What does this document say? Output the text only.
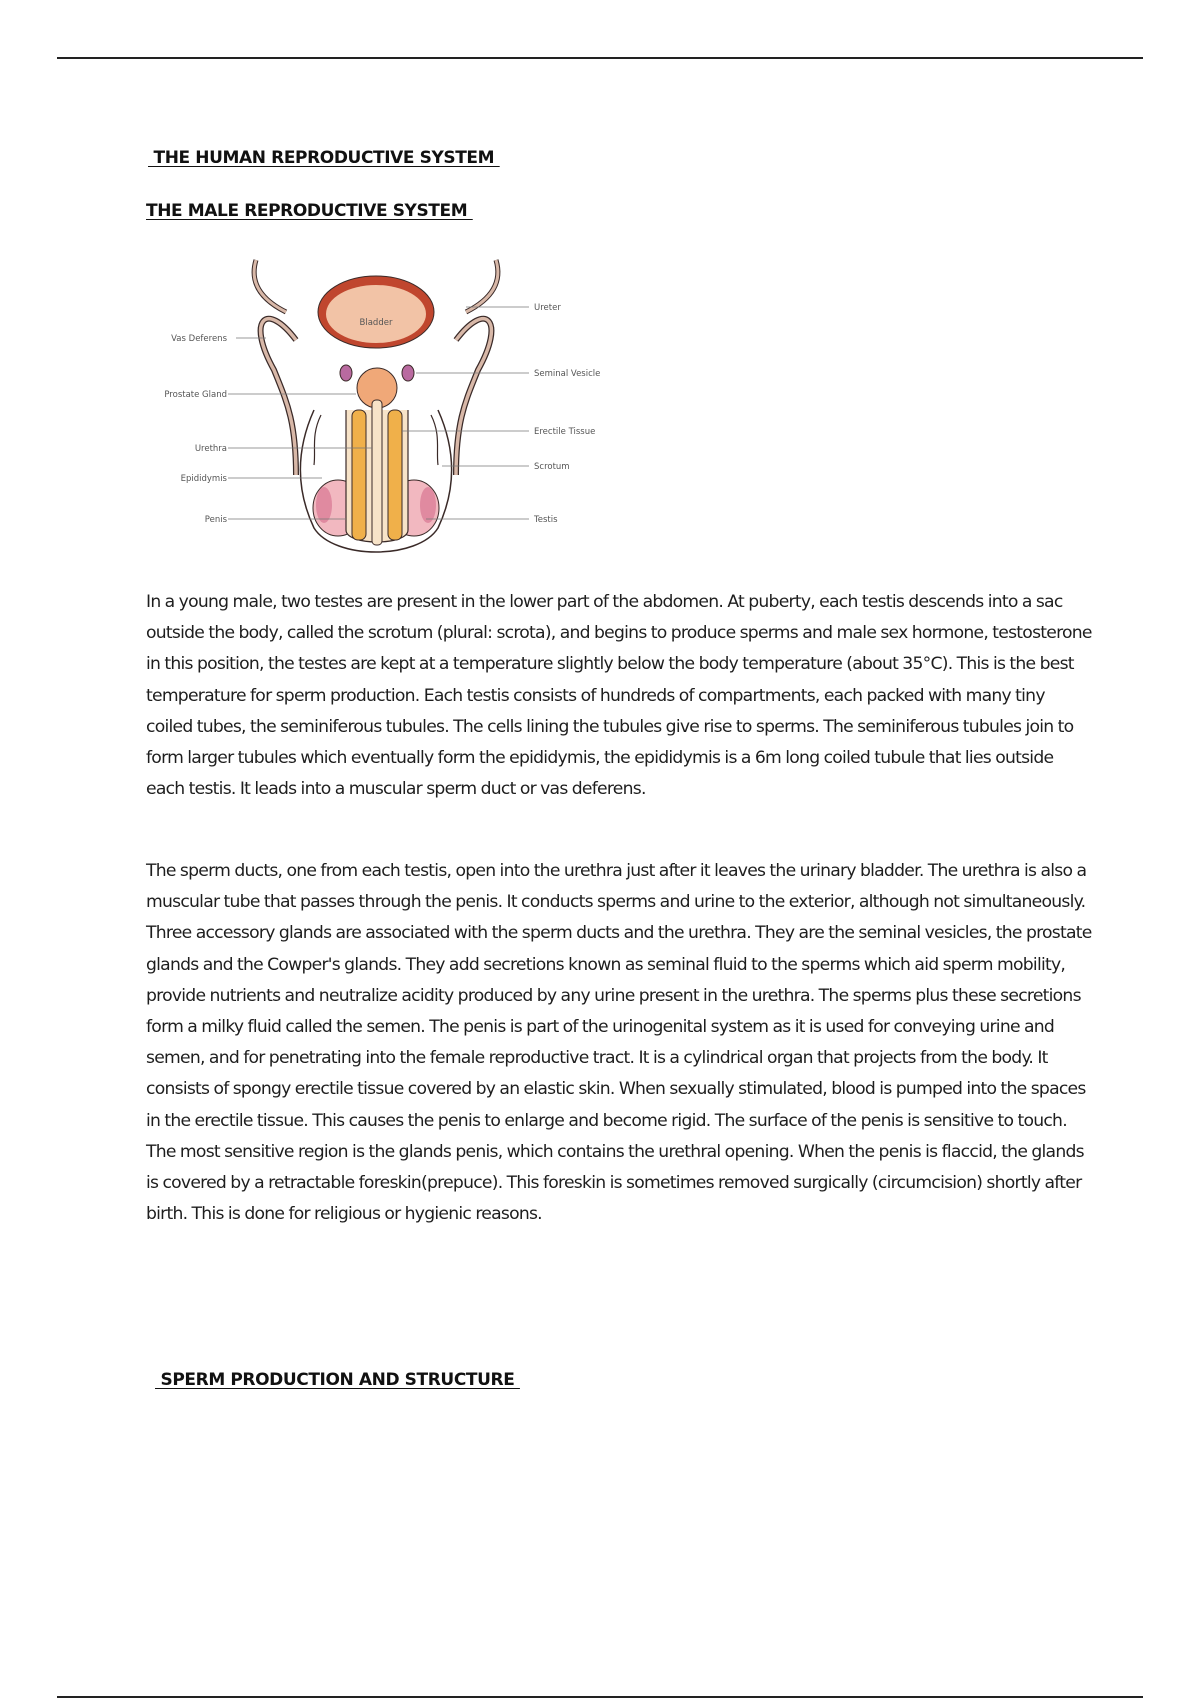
THE HUMAN REPRODUCTIVE SYSTEM
THE MALE REPRODUCTIVE SYSTEM
Bladder
Vas Deferens
Prostate Gland
Urethra
Epididymis
Penis
Ureter
Seminal Vesicle
Erectile Tissue
Scrotum
Testis

In a young male, two testes are present in the lower part of the abdomen. At puberty, each testis descends into a sac outside the body, called the scrotum (plural: scrota), and begins to produce sperms and male sex hormone, testosterone in this position, the testes are kept at a temperature slightly below the body temperature (about 35°C). This is the best temperature for sperm production. Each testis consists of hundreds of compartments, each packed with many tiny coiled tubes, the seminiferous tubules. The cells lining the tubules give rise to sperms. The seminiferous tubules join to form larger tubules which eventually form the epididymis, the epididymis is a 6m long coiled tubule that lies outside each testis. It leads into a muscular sperm duct or vas deferens.

The sperm ducts, one from each testis, open into the urethra just after it leaves the urinary bladder. The urethra is also a muscular tube that passes through the penis. It conducts sperms and urine to the exterior, although not simultaneously. Three accessory glands are associated with the sperm ducts and the urethra. They are the seminal vesicles, the prostate glands and the Cowper's glands. They add secretions known as seminal fluid to the sperms which aid sperm mobility, provide nutrients and neutralize acidity produced by any urine present in the urethra. The sperms plus these secretions form a milky fluid called the semen. The penis is part of the urinogenital system as it is used for conveying urine and semen, and for penetrating into the female reproductive tract. It is a cylindrical organ that projects from the body. It consists of spongy erectile tissue covered by an elastic skin. When sexually stimulated, blood is pumped into the spaces in the erectile tissue. This causes the penis to enlarge and become rigid. The surface of the penis is sensitive to touch. The most sensitive region is the glands penis, which contains the urethral opening. When the penis is flaccid, the glands is covered by a retractable foreskin(prepuce). This foreskin is sometimes removed surgically (circumcision) shortly after birth. This is done for religious or hygienic reasons.

SPERM PRODUCTION AND STRUCTURE
